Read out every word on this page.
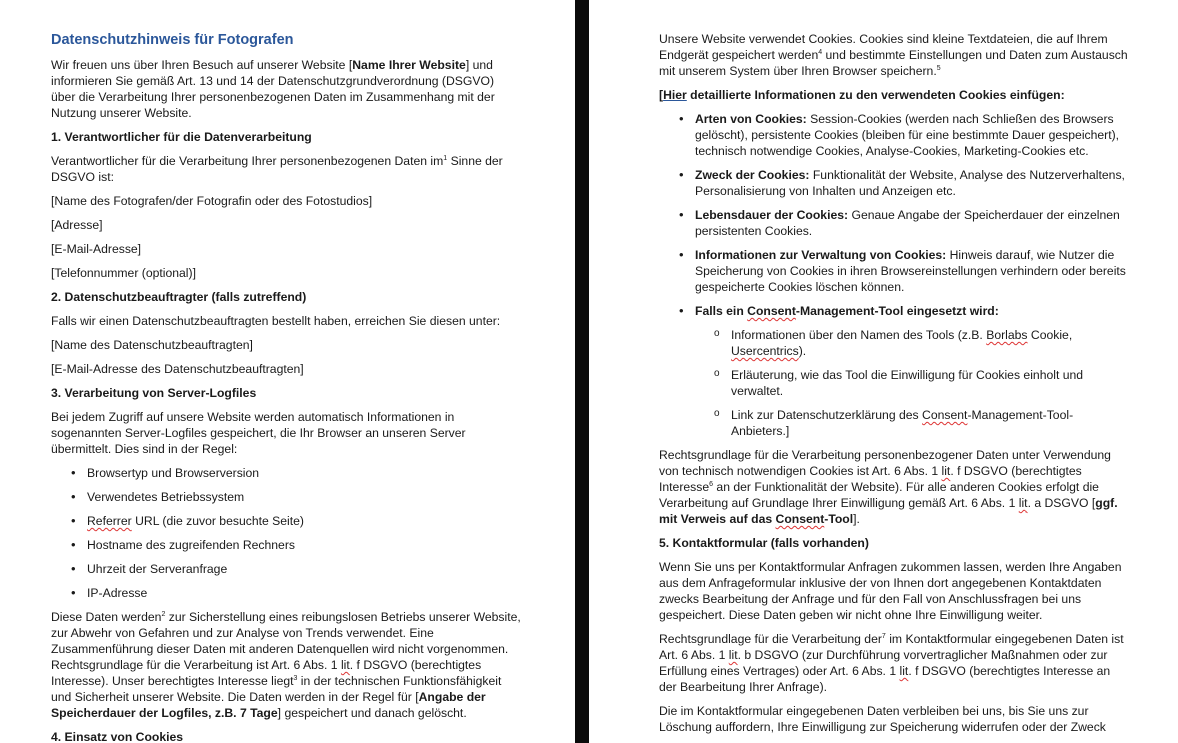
Datenschutzhinweis für Fotografen

Wir freuen uns über Ihren Besuch auf unserer Website [Name Ihrer Website] und informieren Sie gemäß Art. 13 und 14 der Datenschutzgrundverordnung (DSGVO) über die Verarbeitung Ihrer personenbezogenen Daten im Zusammenhang mit der Nutzung unserer Website.

1. Verantwortlicher für die Datenverarbeitung

Verantwortlicher für die Verarbeitung Ihrer personenbezogenen Daten $im^1$ Sinne der DSGVO ist:

[Name des Fotografen/der Fotografin oder des Fotostudios]

[Adresse]

[E-Mail-Adresse]

[Telefonnummer (optional)]

2. Datenschutzbeauftragter (falls zutreffend)

Falls wir einen Datenschutzbeauftragten bestellt haben, erreichen Sie diesen unter:

[Name des Datenschutzbeauftragten]

[E-Mail-Adresse des Datenschutzbeauftragten]

3. Verarbeitung von Server-Logfiles

Bei jedem Zugriff auf unsere Website werden automatisch Informationen in sogenannten Server-Logfiles gespeichert, die Ihr Browser an unseren Server übermittelt. Dies sind in der Regel:

• Browsertyp und Browserversion
• Verwendetes Betriebssystem
• Referrer URL (die zuvor besuchte Seite)
• Hostname des zugreifenden Rechners
• Uhrzeit der Serveranfrage
• IP-Adresse

Diese Daten werden$^2$ zur Sicherstellung eines reibungslosen Betriebs unserer Website, zur Abwehr von Gefahren und zur Analyse von Trends verwendet. Eine Zusammenführung dieser Daten mit anderen Datenquellen wird nicht vorgenommen. Rechtsgrundlage für die Verarbeitung ist Art. 6 Abs. 1 lit. f DSGVO (berechtigtes Interesse). Unser berechtigtes Interesse liegt$^3$ in der technischen Funktionsfähigkeit und Sicherheit unserer Website. Die Daten werden in der Regel für [Angabe der Speicherdauer der Logfiles, z.B. 7 Tage] gespeichert und danach gelöscht.

4. Einsatz von Cookies

Unsere Website verwendet Cookies. Cookies sind kleine Textdateien, die auf Ihrem Endgerät gespeichert werden$^4$ und bestimmte Einstellungen und Daten zum Austausch mit unserem System über Ihren Browser speichern.$^5$

[Hier detaillierte Informationen zu den verwendeten Cookies einfügen:

• Arten von Cookies: Session-Cookies (werden nach Schließen des Browsers gelöscht), persistente Cookies (bleiben für eine bestimmte Dauer gespeichert), technisch notwendige Cookies, Analyse-Cookies, Marketing-Cookies etc.
• Zweck der Cookies: Funktionalität der Website, Analyse des Nutzerverhaltens, Personalisierung von Inhalten und Anzeigen etc.
• Lebensdauer der Cookies: Genaue Angabe der Speicherdauer der einzelnen persistenten Cookies.
• Informationen zur Verwaltung von Cookies: Hinweis darauf, wie Nutzer die Speicherung von Cookies in ihren Browsereinstellungen verhindern oder bereits gespeicherte Cookies löschen können.
• Falls ein Consent-Management-Tool eingesetzt wird:
o Informationen über den Namen des Tools (z.B. Borlabs Cookie, Usercentrics).
o Erläuterung, wie das Tool die Einwilligung für Cookies einholt und verwaltet.
o Link zur Datenschutzerklärung des Consent-Management-Tool-Anbieters.]

Rechtsgrundlage für die Verarbeitung personenbezogener Daten unter Verwendung von technisch notwendigen Cookies ist Art. 6 Abs. 1 lit. f DSGVO (berechtigtes Interesse$^6$ an der Funktionalität der Website). Für alle anderen Cookies erfolgt die Verarbeitung auf Grundlage Ihrer Einwilligung gemäß Art. 6 Abs. 1 lit. a DSGVO [ggf. mit Verweis auf das Consent-Tool].

5. Kontaktformular (falls vorhanden)

Wenn Sie uns per Kontaktformular Anfragen zukommen lassen, werden Ihre Angaben aus dem Anfrageformular inklusive der von Ihnen dort angegebenen Kontaktdaten zwecks Bearbeitung der Anfrage und für den Fall von Anschlussfragen bei uns gespeichert. Diese Daten geben wir nicht ohne Ihre Einwilligung weiter.

Rechtsgrundlage für die Verarbeitung der$^7$ im Kontaktformular eingegebenen Daten ist Art. 6 Abs. 1 lit. b DSGVO (zur Durchführung vorvertraglicher Maßnahmen oder zur Erfüllung eines Vertrages) oder Art. 6 Abs. 1 lit. f DSGVO (berechtigtes Interesse an der Bearbeitung Ihrer Anfrage).

Die im Kontaktformular eingegebenen Daten verbleiben bei uns, bis Sie uns zur Löschung auffordern, Ihre Einwilligung zur Speicherung widerrufen oder der Zweck
